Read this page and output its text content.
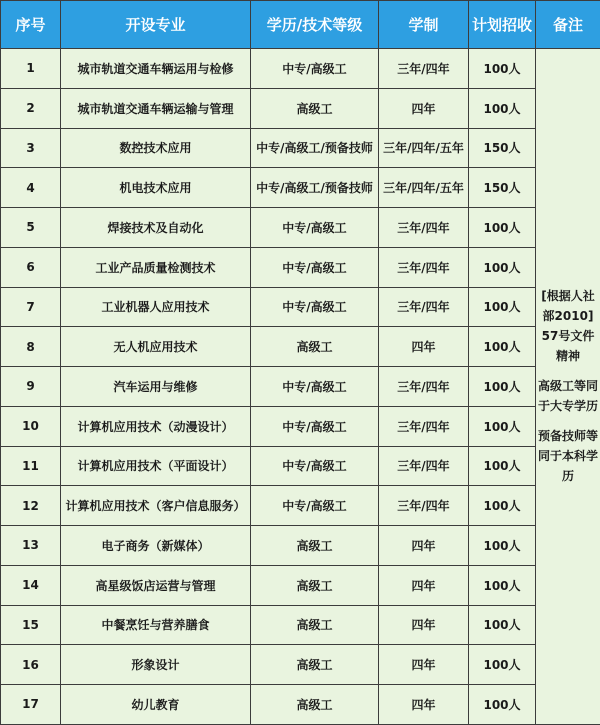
序号	开设专业	学历/技术等级	学制	计划招收	备注
1	城市轨道交通车辆运用与检修	中专/高级工	三年/四年	100人	[根据人社部2010] 57号文件精神
高级工等同于大专学历
预备技师等同于本科学历

2	城市轨道交通车辆运输与管理	高级工	四年	100人	
3	数控技术应用	中专/高级工/预备技师	三年/四年/五年	150人	
4	机电技术应用	中专/高级工/预备技师	三年/四年/五年	150人	
5	焊接技术及自动化	中专/高级工	三年/四年	100人	
6	工业产品质量检测技术	中专/高级工	三年/四年	100人	
7	工业机器人应用技术	中专/高级工	三年/四年	100人	
8	无人机应用技术	高级工	四年	100人	
9	汽车运用与维修	中专/高级工	三年/四年	100人	
10	计算机应用技术（动漫设计）	中专/高级工	三年/四年	100人	
11	计算机应用技术（平面设计）	中专/高级工	三年/四年	100人	
12	计算机应用技术（客户信息服务）	中专/高级工	三年/四年	100人	
13	电子商务（新媒体）	高级工	四年	100人	
14	高星级饭店运营与管理	高级工	四年	100人	
15	中餐烹饪与营养膳食	高级工	四年	100人	
16	形象设计	高级工	四年	100人	
17	幼儿教育	高级工	四年	100人	
